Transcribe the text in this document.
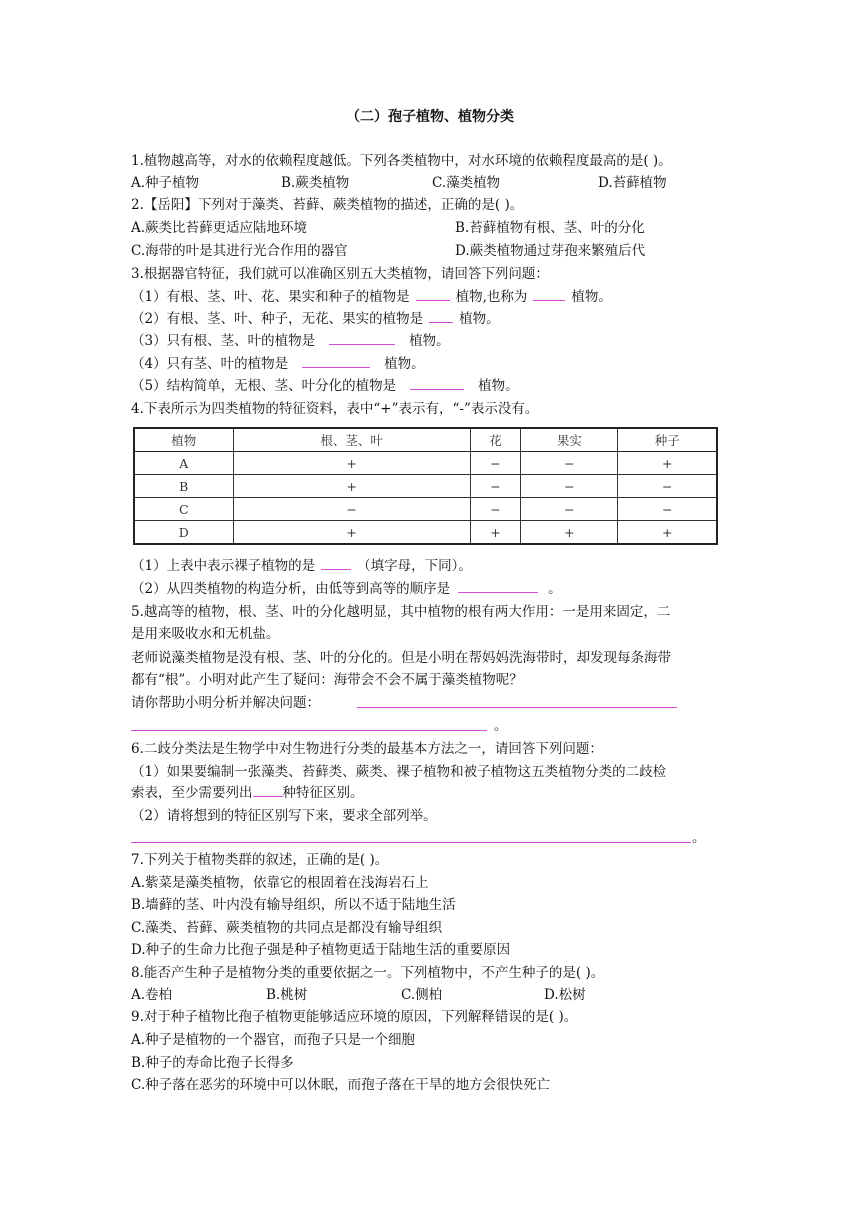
（二）孢子植物、植物分类
1.植物越高等，对水的依赖程度越低。下列各类植物中，对水环境的依赖程度最高的是( )。
A.种子植物	B.蕨类植物	C.藻类植物	D.苔藓植物
2.【岳阳】下列对于藻类、苔藓、蕨类植物的描述，正确的是( )。
A.蕨类比苔藓更适应陆地环境	B.苔藓植物有根、茎、叶的分化
C.海带的叶是其进行光合作用的器官	D.蕨类植物通过芽孢来繁殖后代
3.根据器官特征，我们就可以准确区别五大类植物，请回答下列问题：
（1）有根、茎、叶、花、果实和种子的植物是	植物,也称为	植物。
（2）有根、茎、叶、种子，无花、果实的植物是	植物。
（3）只有根、茎、叶的植物是	植物。
（4）只有茎、叶的植物是	植物。
（5）结构简单，无根、茎、叶分化的植物是	植物。
4.下表所示为四类植物的特征资料，表中“+”表示有，“-”表示没有。
植物	根、茎、叶	花	果实	种子
A	+	−	−	+
B	+	−	−	−
C	−	−	−	−
D	+	+	+	+
（1）上表中表示裸子植物的是	（填字母，下同）。
（2）从四类植物的构造分析，由低等到高等的顺序是	。
5.越高等的植物，根、茎、叶的分化越明显，其中植物的根有两大作用：一是用来固定，二
是用来吸收水和无机盐。
老师说藻类植物是没有根、茎、叶的分化的。但是小明在帮妈妈洗海带时，却发现每条海带
都有“根”。小明对此产生了疑问：海带会不会不属于藻类植物呢？
请你帮助小明分析并解决问题：
。
6.二歧分类法是生物学中对生物进行分类的最基本方法之一，请回答下列问题：
（1）如果要编制一张藻类、苔藓类、蕨类、裸子植物和被子植物这五类植物分类的二歧检
索表，至少需要列出 种特征区别。
（2）请将想到的特征区别写下来，要求全部列举。
。
7.下列关于植物类群的叙述，正确的是( )。
A.紫菜是藻类植物，依靠它的根固着在浅海岩石上
B.墙藓的茎、叶内没有输导组织，所以不适于陆地生活
C.藻类、苔藓、蕨类植物的共同点是都没有输导组织
D.种子的生命力比孢子强是种子植物更适于陆地生活的重要原因
8.能否产生种子是植物分类的重要依据之一。下列植物中，不产生种子的是( )。
A.卷柏	B.桃树	C.侧柏	D.松树
9.对于种子植物比孢子植物更能够适应环境的原因，下列解释错误的是( )。
A.种子是植物的一个器官，而孢子只是一个细胞
B.种子的寿命比孢子长得多
C.种子落在恶劣的环境中可以休眠，而孢子落在干旱的地方会很快死亡
